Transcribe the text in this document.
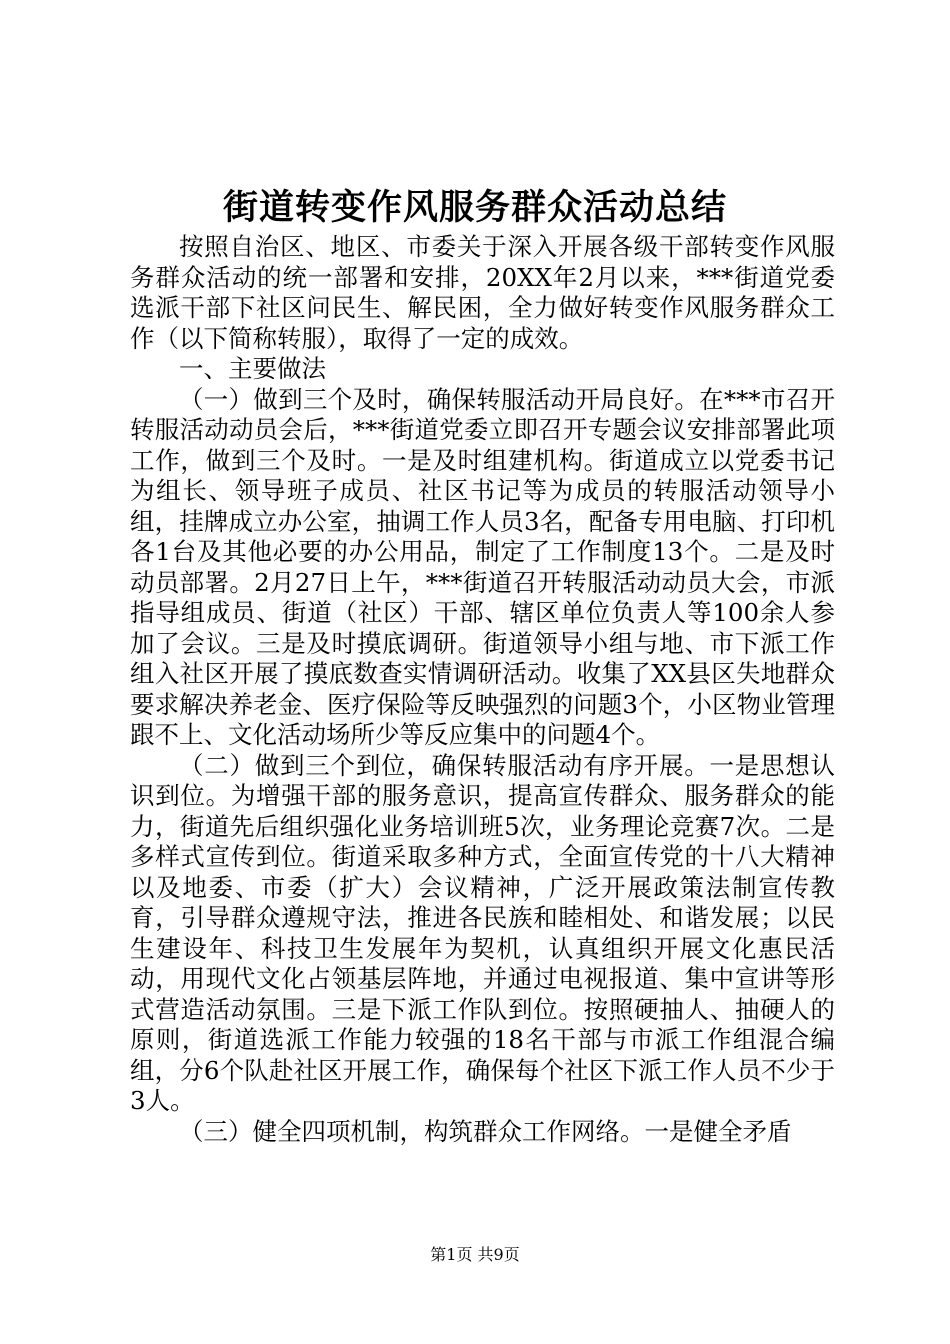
街道转变作风服务群众活动总结

按照自治区、地区、市委关于深入开展各级干部转变作风服务群众活动的统一部署和安排，20XX年2月以来，***街道党委选派干部下社区问民生、解民困，全力做好转变作风服务群众工作（以下简称转服），取得了一定的成效。

一、主要做法

（一）做到三个及时，确保转服活动开局良好。在***市召开转服活动动员会后，***街道党委立即召开专题会议安排部署此项工作，做到三个及时。一是及时组建机构。街道成立以党委书记为组长、领导班子成员、社区书记等为成员的转服活动领导小组，挂牌成立办公室，抽调工作人员3名，配备专用电脑、打印机各1台及其他必要的办公用品，制定了工作制度13个。二是及时动员部署。2月27日上午，***街道召开转服活动动员大会，市派指导组成员、街道（社区）干部、辖区单位负责人等100余人参加了会议。三是及时摸底调研。街道领导小组与地、市下派工作组入社区开展了摸底数查实情调研活动。收集了XX县区失地群众要求解决养老金、医疗保险等反映强烈的问题3个，小区物业管理跟不上、文化活动场所少等反应集中的问题4个。

（二）做到三个到位，确保转服活动有序开展。一是思想认识到位。为增强干部的服务意识，提高宣传群众、服务群众的能力，街道先后组织强化业务培训班5次，业务理论竞赛7次。二是多样式宣传到位。街道采取多种方式，全面宣传党的十八大精神以及地委、市委（扩大）会议精神，广泛开展政策法制宣传教育，引导群众遵规守法，推进各民族和睦相处、和谐发展；以民生建设年、科技卫生发展年为契机，认真组织开展文化惠民活动，用现代文化占领基层阵地，并通过电视报道、集中宣讲等形式营造活动氛围。三是下派工作队到位。按照硬抽人、抽硬人的原则，街道选派工作能力较强的18名干部与市派工作组混合编组，分6个队赴社区开展工作，确保每个社区下派工作人员不少于3人。

（三）健全四项机制，构筑群众工作网络。一是健全矛盾

第1页 共9页
